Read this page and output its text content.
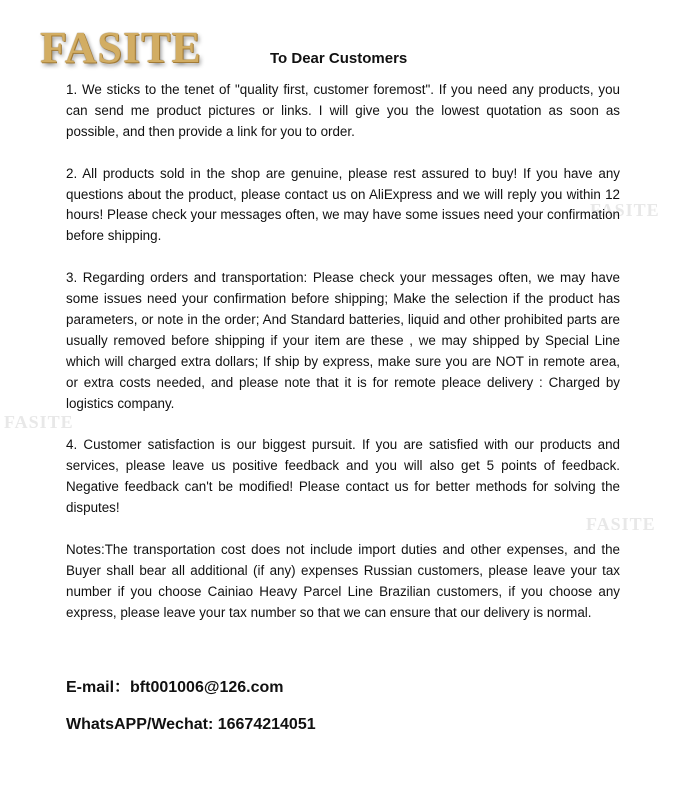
FASITE	To Dear Customers
FASITE
FASITE
FASITE

1. We sticks to the tenet of "quality first, customer foremost". If you need any products, you can send me product pictures or links. I will give you the lowest quotation as soon as possible, and then provide a link for you to order.

2. All products sold in the shop are genuine, please rest assured to buy! If you have any questions about the product, please contact us on AliExpress and we will reply you within 12 hours! Please check your messages often, we may have some issues need your confirmation before shipping.

3. Regarding orders and transportation: Please check your messages often, we may have some issues need your confirmation before shipping; Make the selection if the product has parameters, or note in the order; And Standard batteries, liquid and other prohibited parts are usually removed before shipping if your item are these , we may shipped by Special Line which will charged extra dollars; If ship by express, make sure you are NOT in remote area, or extra costs needed, and please note that it is for remote pleace delivery : Charged by logistics company.

4. Customer satisfaction is our biggest pursuit. If you are satisfied with our products and services, please leave us positive feedback and you will also get 5 points of feedback. Negative feedback can't be modified! Please contact us for better methods for solving the disputes!

Notes:The transportation cost does not include import duties and other expenses, and the Buyer shall bear all additional (if any) expenses Russian customers, please leave your tax number if you choose Cainiao Heavy Parcel Line Brazilian customers, if you choose any express, please leave your tax number so that we can ensure that our delivery is normal.

E-mail：bft001006@126.com
WhatsAPP/Wechat: 16674214051
